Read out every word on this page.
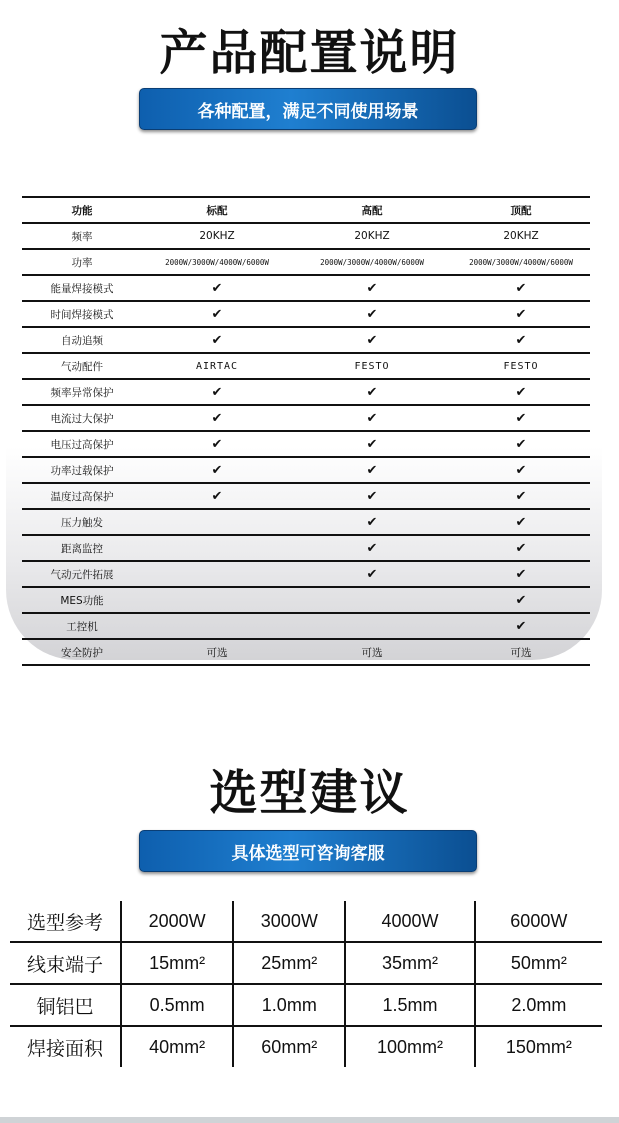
产品配置说明
各种配置，满足不同使用场景
功能	标配	高配	顶配
频率	20KHZ	20KHZ	20KHZ
功率	2000W/3000W/4000W/6000W	2000W/3000W/4000W/6000W	2000W/3000W/4000W/6000W
能量焊接模式	✔	✔	✔
时间焊接模式	✔	✔	✔
自动追频	✔	✔	✔
气动配件	AIRTAC	FESTO	FESTO
频率异常保护	✔	✔	✔
电流过大保护	✔	✔	✔
电压过高保护	✔	✔	✔
功率过载保护	✔	✔	✔
温度过高保护	✔	✔	✔
压力触发		✔	✔
距离监控		✔	✔
气动元件拓展		✔	✔
MES功能			✔
工控机			✔
安全防护	可选	可选	可选
选型建议
具体选型可咨询客服
选型参考	2000W	3000W	4000W	6000W
线束端子	15mm²	25mm²	35mm²	50mm²
铜铝巴	0.5mm	1.0mm	1.5mm	2.0mm
焊接面积	40mm²	60mm²	100mm²	150mm²
